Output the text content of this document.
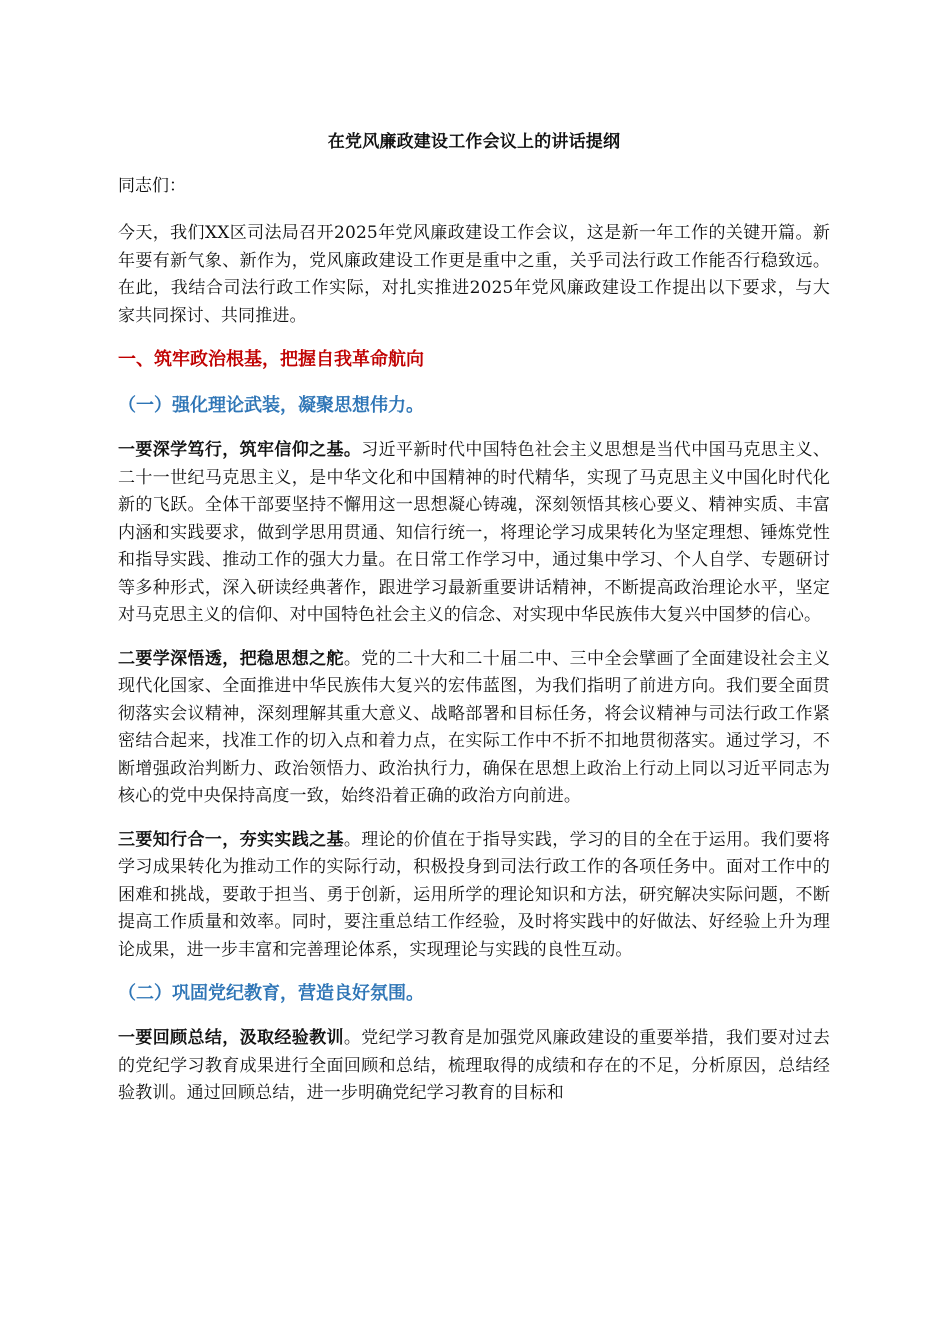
在党风廉政建设工作会议上的讲话提纲
同志们：

今天，我们XX区司法局召开2025年党风廉政建设工作会议，这是新一年工作的关键开篇。新年要有新气象、新作为，党风廉政建设工作更是重中之重，关乎司法行政工作能否行稳致远。在此，我结合司法行政工作实际，对扎实推进2025年党风廉政建设工作提出以下要求，与大家共同探讨、共同推进。

一、筑牢政治根基，把握自我革命航向
（一）强化理论武装，凝聚思想伟力。

一要深学笃行，筑牢信仰之基。习近平新时代中国特色社会主义思想是当代中国马克思主义、二十一世纪马克思主义，是中华文化和中国精神的时代精华，实现了马克思主义中国化时代化新的飞跃。全体干部要坚持不懈用这一思想凝心铸魂，深刻领悟其核心要义、精神实质、丰富内涵和实践要求，做到学思用贯通、知信行统一，将理论学习成果转化为坚定理想、锤炼党性和指导实践、推动工作的强大力量。在日常工作学习中，通过集中学习、个人自学、专题研讨等多种形式，深入研读经典著作，跟进学习最新重要讲话精神，不断提高政治理论水平，坚定对马克思主义的信仰、对中国特色社会主义的信念、对实现中华民族伟大复兴中国梦的信心。

二要学深悟透，把稳思想之舵。党的二十大和二十届二中、三中全会擘画了全面建设社会主义现代化国家、全面推进中华民族伟大复兴的宏伟蓝图，为我们指明了前进方向。我们要全面贯彻落实会议精神，深刻理解其重大意义、战略部署和目标任务，将会议精神与司法行政工作紧密结合起来，找准工作的切入点和着力点，在实际工作中不折不扣地贯彻落实。通过学习，不断增强政治判断力、政治领悟力、政治执行力，确保在思想上政治上行动上同以习近平同志为核心的党中央保持高度一致，始终沿着正确的政治方向前进。

三要知行合一，夯实实践之基。理论的价值在于指导实践，学习的目的全在于运用。我们要将学习成果转化为推动工作的实际行动，积极投身到司法行政工作的各项任务中。面对工作中的困难和挑战，要敢于担当、勇于创新，运用所学的理论知识和方法，研究解决实际问题，不断提高工作质量和效率。同时，要注重总结工作经验，及时将实践中的好做法、好经验上升为理论成果，进一步丰富和完善理论体系，实现理论与实践的良性互动。

（二）巩固党纪教育，营造良好氛围。

一要回顾总结，汲取经验教训。党纪学习教育是加强党风廉政建设的重要举措，我们要对过去的党纪学习教育成果进行全面回顾和总结，梳理取得的成绩和存在的不足，分析原因，总结经验教训。通过回顾总结，进一步明确党纪学习教育的目标和
